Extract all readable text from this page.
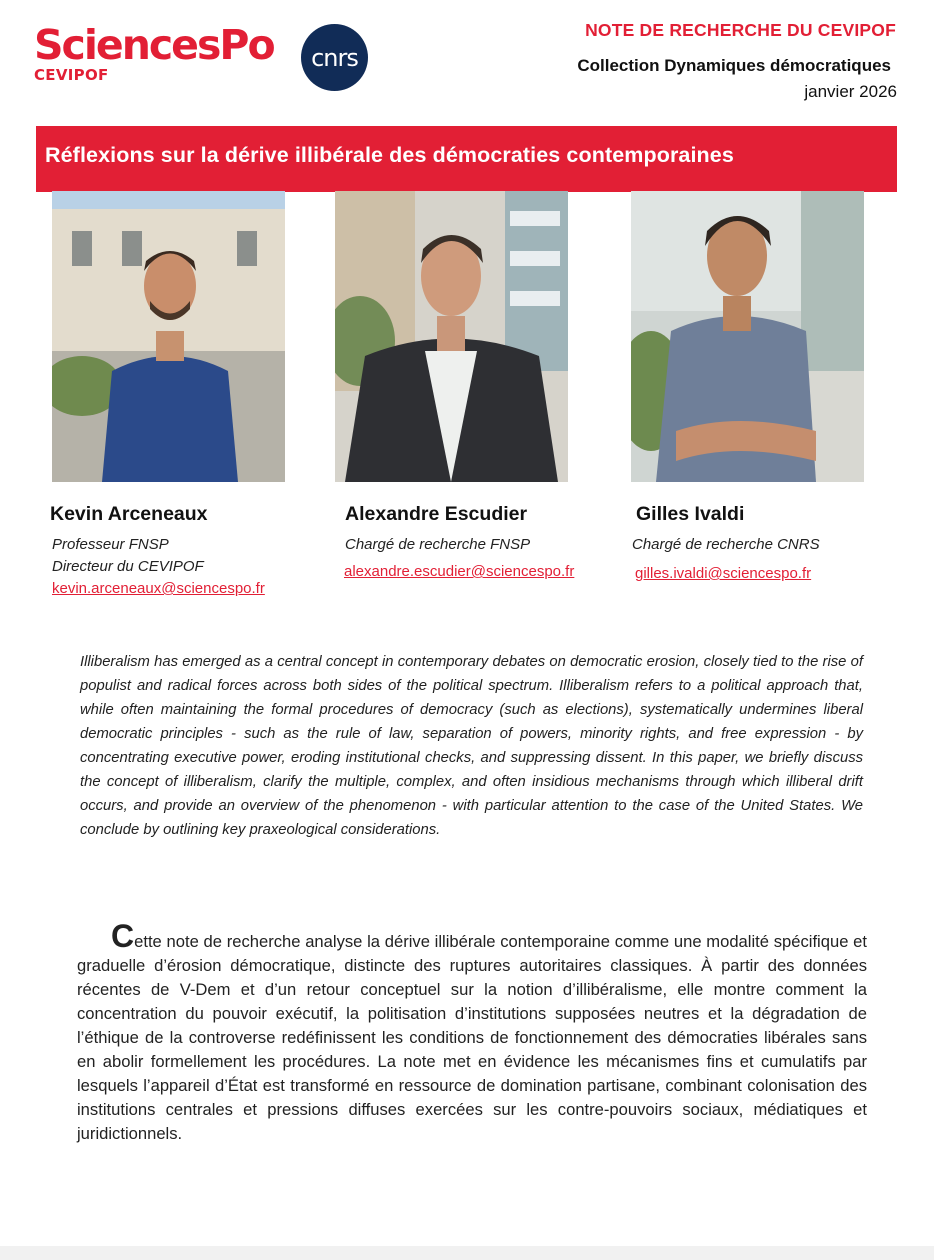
SciencesPo
CEVIPOF
cnrs
NOTE DE RECHERCHE DU CEVIPOF
Collection Dynamiques démocratiques
janvier 2026
Réflexions sur la dérive illibérale des démocraties contemporaines
Kevin Arceneaux
Professeur FNSP
Directeur du CEVIPOF
kevin.arceneaux@sciencespo.fr
Alexandre Escudier
Chargé de recherche FNSP
alexandre.escudier@sciencespo.fr
Gilles Ivaldi
Chargé de recherche CNRS
gilles.ivaldi@sciencespo.fr

Illiberalism has emerged as a central concept in contemporary debates on democratic erosion, closely tied to the rise of populist and radical forces across both sides of the political spectrum. Illiberalism refers to a political approach that, while often maintaining the formal procedures of democracy (such as elections), systematically undermines liberal democratic principles - such as the rule of law, separation of powers, minority rights, and free expression - by concentrating executive power, eroding institutional checks, and suppressing dissent. In this paper, we briefly discuss the concept of illiberalism, clarify the multiple, complex, and often insidious mechanisms through which illiberal drift occurs, and provide an overview of the phenomenon - with particular attention to the case of the United States. We conclude by outlining key praxeological considerations.

Cette note de recherche analyse la dérive illibérale contemporaine comme une modalité spécifique et graduelle d’érosion démocratique, distincte des ruptures autoritaires classiques. À partir des données récentes de V-Dem et d’un retour conceptuel sur la notion d’illibéralisme, elle montre comment la concentration du pouvoir exécutif, la politisation d’institutions supposées neutres et la dégradation de l’éthique de la controverse redéfinissent les conditions de fonctionnement des démocraties libérales sans en abolir formellement les procédures. La note met en évidence les mécanismes fins et cumulatifs par lesquels l’appareil d’État est transformé en ressource de domination partisane, combinant colonisation des institutions centrales et pressions diffuses exercées sur les contre-pouvoirs sociaux, médiatiques et juridictionnels.
